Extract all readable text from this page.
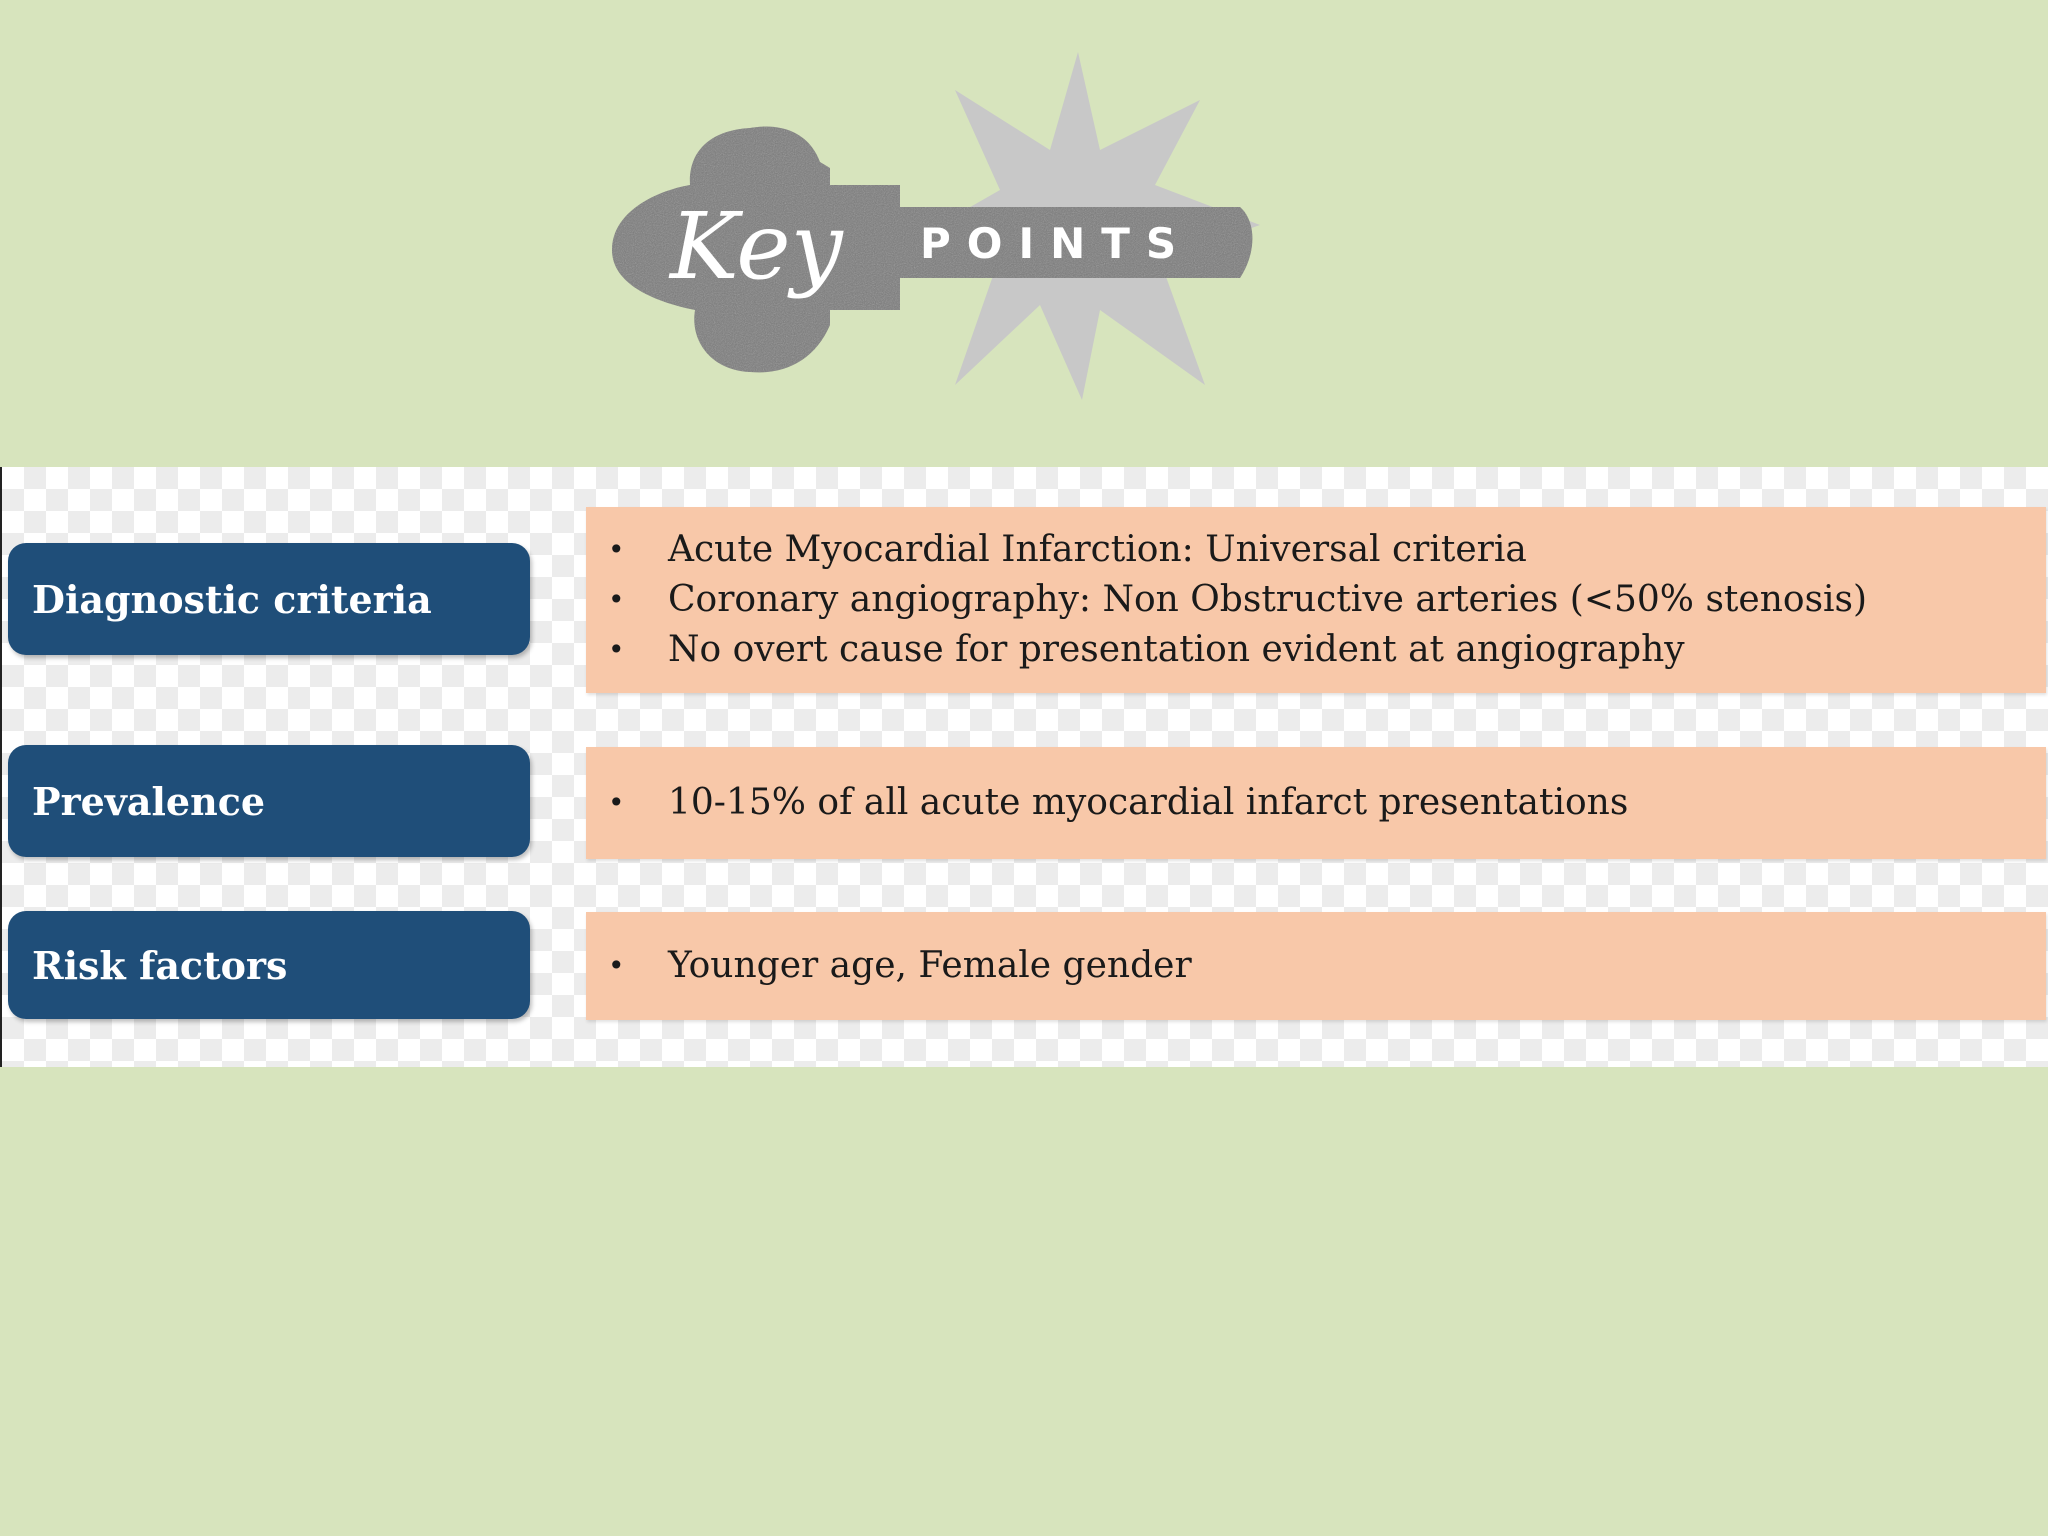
Key POINTS
Diagnostic criteria
• Acute Myocardial Infarction: Universal criteria
• Coronary angiography: Non Obstructive arteries (<50% stenosis)
• No overt cause for presentation evident at angiography
Prevalence	• 10-15% of all acute myocardial infarct presentations
Risk factors	• Younger age, Female gender
